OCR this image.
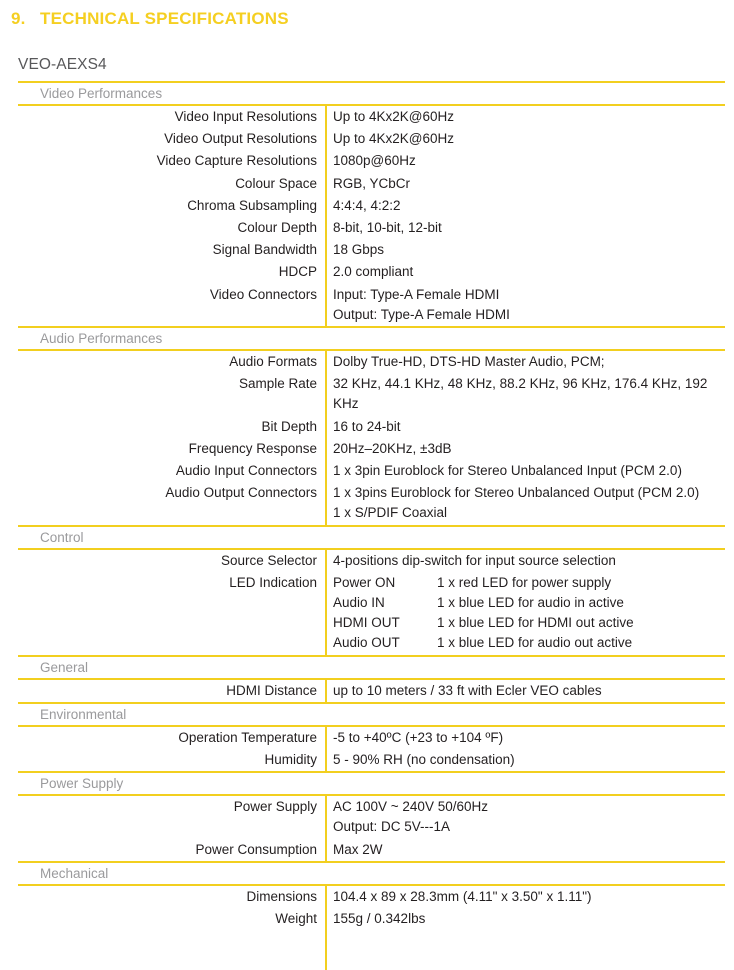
9. TECHNICAL SPECIFICATIONS
VEO-AEXS4
Video Performances
Video Input Resolutions	Up to 4Kx2K@60Hz
Video Output Resolutions	Up to 4Kx2K@60Hz
Video Capture Resolutions	1080p@60Hz
Colour Space	RGB, YCbCr
Chroma Subsampling	4:4:4, 4:2:2
Colour Depth	8-bit, 10-bit, 12-bit
Signal Bandwidth	18 Gbps
HDCP	2.0 compliant
Video Connectors	Input: Type-A Female HDMI
Output: Type-A Female HDMI
Audio Performances
Audio Formats	Dolby True-HD, DTS-HD Master Audio, PCM;
Sample Rate	32 KHz, 44.1 KHz, 48 KHz, 88.2 KHz, 96 KHz, 176.4 KHz, 192 KHz
Bit Depth	16 to 24-bit
Frequency Response	20Hz–20KHz, ±3dB
Audio Input Connectors	1 x 3pin Euroblock for Stereo Unbalanced Input (PCM 2.0)
Audio Output Connectors	1 x 3pins Euroblock for Stereo Unbalanced Output (PCM 2.0)
1 x S/PDIF Coaxial
Control
Source Selector	4-positions dip-switch for input source selection
LED Indication	Power ON	1 x red LED for power supply
Audio IN	1 x blue LED for audio in active
HDMI OUT	1 x blue LED for HDMI out active
Audio OUT	1 x blue LED for audio out active
General
HDMI Distance	up to 10 meters / 33 ft with Ecler VEO cables
Environmental
Operation Temperature	-5 to +40ºC (+23 to +104 ºF)
Humidity	5 - 90% RH (no condensation)
Power Supply
Power Supply	AC 100V ~ 240V 50/60Hz
Output: DC 5V---1A
Power Consumption	Max 2W
Mechanical
Dimensions	104.4 x 89 x 28.3mm (4.11" x 3.50" x 1.11")
Weight	155g / 0.342lbs
